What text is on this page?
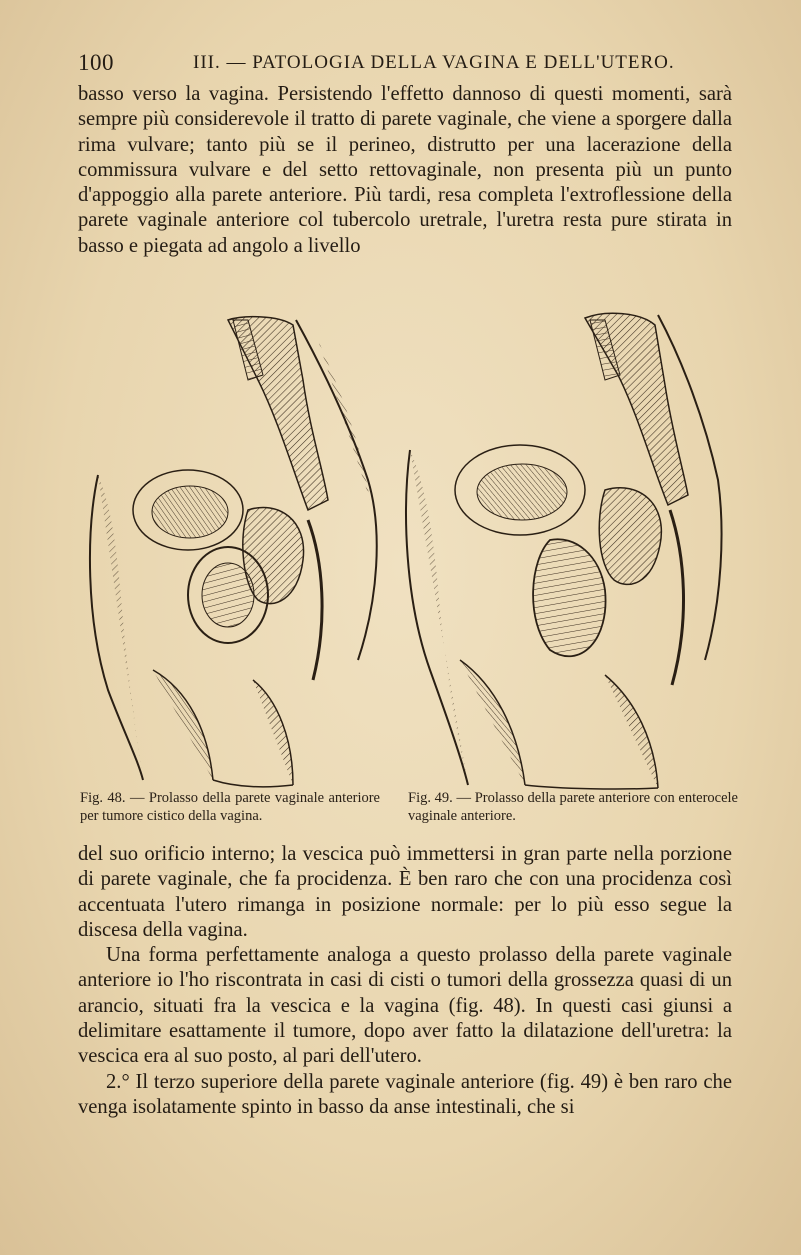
100	III. — PATOLOGIA DELLA VAGINA E DELL'UTERO.

basso verso la vagina. Persistendo l'effetto dannoso di questi momenti, sarà sempre più considerevole il tratto di parete vaginale, che viene a sporgere dalla rima vulvare; tanto più se il perineo, distrutto per una lacerazione della commissura vulvare e del setto rettovaginale, non presenta più un punto d'appoggio alla parete anteriore. Più tardi, resa completa l'extroflessione della parete vaginale anteriore col tubercolo uretrale, l'uretra resta pure stirata in basso e piegata ad angolo a livello

Fig. 48. — Prolasso della parete vaginale anteriore per tumore cistico della vagina.
Fig. 49. — Prolasso della parete anteriore con enterocele vaginale anteriore.

del suo orificio interno; la vescica può immettersi in gran parte nella porzione di parete vaginale, che fa procidenza. È ben raro che con una procidenza così accentuata l'utero rimanga in posizione normale: per lo più esso segue la discesa della vagina.

Una forma perfettamente analoga a questo prolasso della parete vaginale anteriore io l'ho riscontrata in casi di cisti o tumori della grossezza quasi di un arancio, situati fra la vescica e la vagina (fig. 48). In questi casi giunsi a delimitare esattamente il tumore, dopo aver fatto la dilatazione dell'uretra: la vescica era al suo posto, al pari dell'utero.

2.° Il terzo superiore della parete vaginale anteriore (fig. 49) è ben raro che venga isolatamente spinto in basso da anse intestinali, che si
